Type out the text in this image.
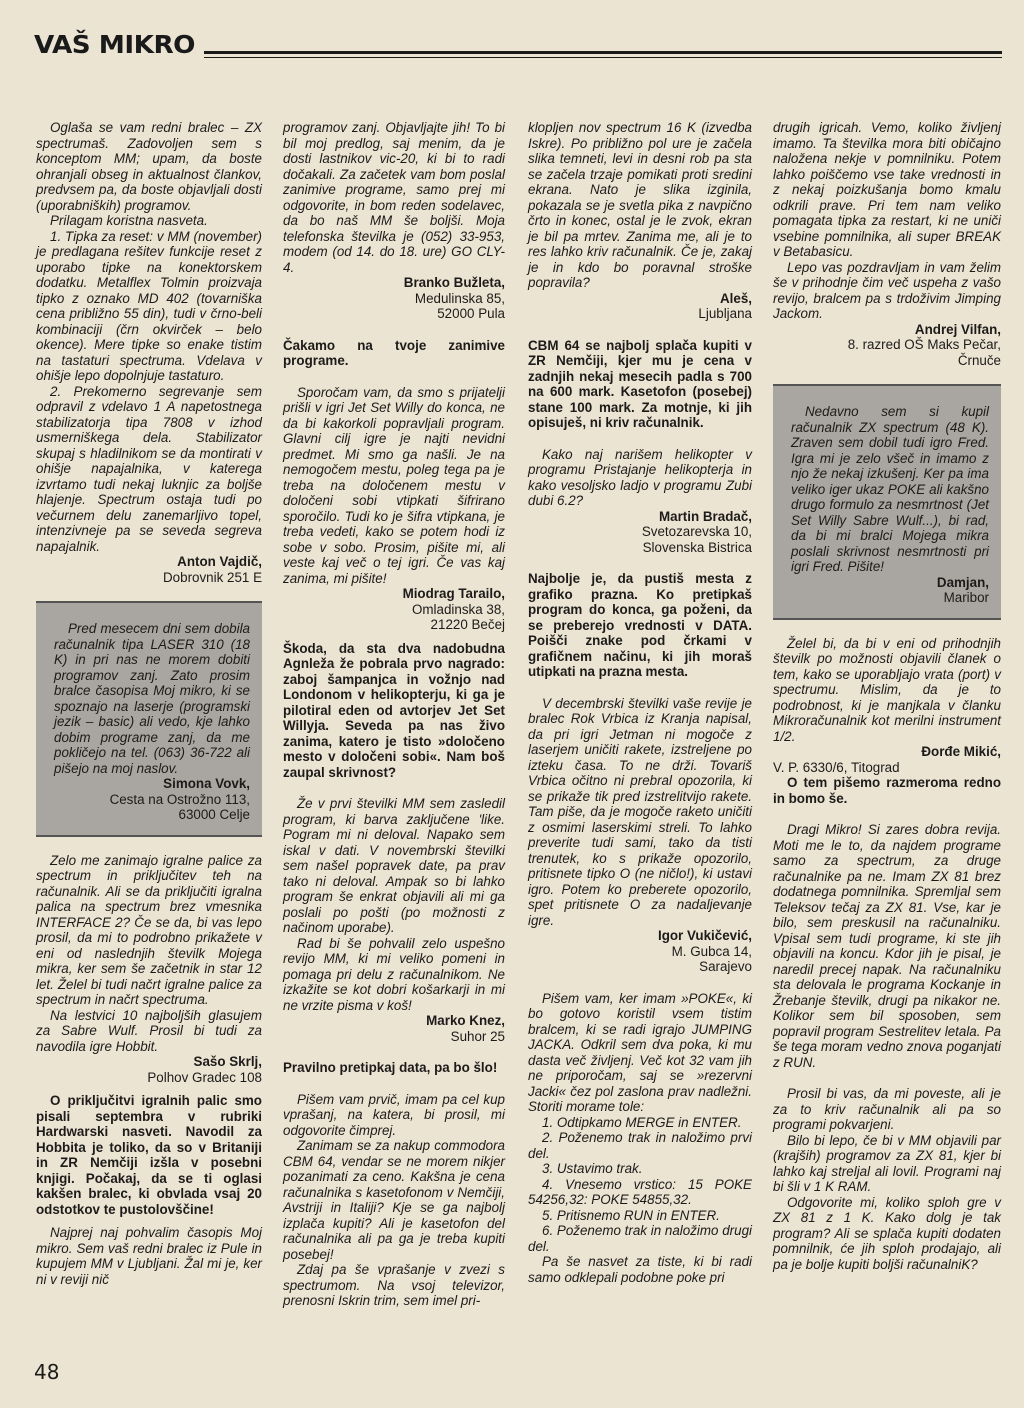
VAŠ MIKRO

Oglaša se vam redni bralec – ZX spectrumaš. Zadovoljen sem s konceptom MM; upam, da boste ohranjali obseg in aktualnost člankov, predvsem pa, da boste objavljali dosti (uporabniških) programov.

Prilagam koristna nasveta.

1. Tipka za reset: v MM (november) je predlagana rešitev funkcije reset z uporabo tipke na konektorskem dodatku. Metalflex Tolmin proizvaja tipko z oznako MD 402 (tovarniška cena približno 55 din), tudi v črno-beli kombinaciji (črn okvirček – belo okence). Mere tipke so enake tistim na tastaturi spectruma. Vdelava v ohišje lepo dopolnjuje tastaturo.

2. Prekomerno segrevanje sem odpravil z vdelavo 1 A napetostnega stabilizatorja tipa 7808 v izhod usmerniškega dela. Stabilizator skupaj s hladilnikom se da montirati v ohišje napajalnika, v katerega izvrtamo tudi nekaj luknjic za boljše hlajenje. Spectrum ostaja tudi po večurnem delu zanemarljivo topel, intenzivneje pa se seveda segreva napajalnik.

Anton Vajdič,
Dobrovnik 251 E

Pred mesecem dni sem dobila računalnik tipa LASER 310 (18 K) in pri nas ne morem dobiti programov zanj. Zato prosim bralce časopisa Moj mikro, ki se spoznajo na laserje (programski jezik – basic) ali vedo, kje lahko dobim programe zanj, da me pokličejo na tel. (063) 36-722 ali pišejo na moj naslov.

Simona Vovk,
Cesta na Ostrožno 113,
63000 Celje

Zelo me zanimajo igralne palice za spectrum in priključitev teh na računalnik. Ali se da priključiti igralna palica na spectrum brez vmesnika INTERFACE 2? Če se da, bi vas lepo prosil, da mi to podrobno prikažete v eni od naslednjih številk Mojega mikra, ker sem še začetnik in star 12 let. Želel bi tudi načrt igralne palice za spectrum in načrt spectruma.

Na lestvici 10 najboljših glasujem za Sabre Wulf. Prosil bi tudi za navodila igre Hobbit.

Sašo Skrlj,
Polhov Gradec 108
O priključitvi igralnih palic smo pisali septembra v rubriki Hardwarski nasveti. Navodil za Hobbita je toliko, da so v Britaniji in ZR Nemčiji izšla v posebni knjigi. Počakaj, da se ti oglasi kakšen bralec, ki obvlada vsaj 20 odstotkov te pustolovščine!

Najprej naj pohvalim časopis Moj mikro. Sem vaš redni bralec iz Pule in kupujem MM v Ljubljani. Žal mi je, ker ni v reviji nič

programov zanj. Objavljajte jih! To bi bil moj predlog, saj menim, da je dosti lastnikov vic-20, ki bi to radi dočakali. Za začetek vam bom poslal zanimive programe, samo prej mi odgovorite, in bom reden sodelavec, da bo naš MM še boljši. Moja telefonska številka je (052) 33-953, modem (od 14. do 18. ure) GO CLY-4.

Branko Bužleta,
Medulinska 85,
52000 Pula
Čakamo na tvoje zanimive programe.

Sporočam vam, da smo s prijatelji prišli v igri Jet Set Willy do konca, ne da bi kakorkoli popravljali program. Glavni cilj igre je najti nevidni predmet. Mi smo ga našli. Je na nemogočem mestu, poleg tega pa je treba na določenem mestu v določeni sobi vtipkati šifrirano sporočilo. Tudi ko je šifra vtipkana, je treba vedeti, kako se potem hodi iz sobe v sobo. Prosim, pišite mi, ali veste kaj več o tej igri. Če vas kaj zanima, mi pišite!

Miodrag Tarailo,
Omladinska 38,
21220 Bečej
Škoda, da sta dva nadobudna Agnleža že pobrala prvo nagrado: zaboj šampanjca in vožnjo nad Londonom v helikopterju, ki ga je pilotiral eden od avtorjev Jet Set Willyja. Seveda pa nas živo zanima, katero je tisto »določeno mesto v določeni sobi«. Nam boš zaupal skrivnost?

Že v prvi številki MM sem zasledil program, ki barva zaključene 'like. Pogram mi ni deloval. Napako sem iskal v dati. V novembrski številki sem našel popravek date, pa prav tako ni deloval. Ampak so bi lahko program še enkrat objavili ali mi ga poslali po pošti (po možnosti z načinom uporabe).

Rad bi še pohvalil zelo uspešno revijo MM, ki mi veliko pomeni in pomaga pri delu z računalnikom. Ne izkažite se kot dobri košarkarji in mi ne vrzite pisma v koš!

Marko Knez,
Suhor 25
Pravilno pretipkaj data, pa bo šlo!

Pišem vam prvič, imam pa cel kup vprašanj, na katera, bi prosil, mi odgovorite čimprej.

Zanimam se za nakup commodora CBM 64, vendar se ne morem nikjer pozanimati za ceno. Kakšna je cena računalnika s kasetofonom v Nemčiji, Avstriji in Italiji? Kje se ga najbolj izplača kupiti? Ali je kasetofon del računalnika ali pa ga je treba kupiti posebej!

Zdaj pa še vprašanje v zvezi s spectrumom. Na vsoj televizor, prenosni Iskrin trim, sem imel pri-

klopljen nov spectrum 16 K (izvedba Iskre). Po približno pol ure je začela slika temneti, levi in desni rob pa sta se začela trzaje pomikati proti sredini ekrana. Nato je slika izginila, pokazala se je svetla pika z navpično črto in konec, ostal je le zvok, ekran je bil pa mrtev. Zanima me, ali je to res lahko kriv računalnik. Če je, zakaj je in kdo bo poravnal stroške popravila?

Aleš,
Ljubljana
CBM 64 se najbolj splača kupiti v ZR Nemčiji, kjer mu je cena v zadnjih nekaj mesecih padla s 700 na 600 mark. Kasetofon (posebej) stane 100 mark. Za motnje, ki jih opisuješ, ni kriv računalnik.

Kako naj narišem helikopter v programu Pristajanje helikopterja in kako vesoljsko ladjo v programu Zubi dubi 6.2?

Martin Bradač,
Svetozarevska 10,
Slovenska Bistrica
Najbolje je, da pustiš mesta z grafiko prazna. Ko pretipkaš program do konca, ga poženi, da se preberejo vrednosti v DATA. Poišči znake pod črkami v grafičnem načinu, ki jih moraš utipkati na prazna mesta.

V decembrski številki vaše revije je bralec Rok Vrbica iz Kranja napisal, da pri igri Jetman ni mogoče z laserjem uničiti rakete, izstreljene po izteku časa. To ne drži. Tovariš Vrbica očitno ni prebral opozorila, ki se prikaže tik pred izstrelitvijo rakete. Tam piše, da je mogoče raketo uničiti z osmimi laserskimi streli. To lahko preverite tudi sami, tako da tisti trenutek, ko s prikaže opozorilo, pritisnete tipko O (ne ničlo!), ki ustavi igro. Potem ko preberete opozorilo, spet pritisnete O za nadaljevanje igre.

Igor Vukičević,
M. Gubca 14,
Sarajevo

Pišem vam, ker imam »POKE«, ki bo gotovo koristil vsem tistim bralcem, ki se radi igrajo JUMPING JACKA. Odkril sem dva poka, ki mu dasta več življenj. Več kot 32 vam jih ne priporočam, saj se »rezervni Jacki« čez pol zaslona prav nadležni. Storiti morame tole:

1. Odtipkamo MERGE in ENTER.

2. Poženemo trak in naložimo prvi del.

3. Ustavimo trak.

4. Vnesemo vrstico: 15 POKE 54256,32: POKE 54855,32.

5. Pritisnemo RUN in ENTER.

6. Poženemo trak in naložimo drugi del.

Pa še nasvet za tiste, ki bi radi samo odklepali podobne poke pri

drugih igricah. Vemo, koliko življenj imamo. Ta številka mora biti običajno naložena nekje v pomnilniku. Potem lahko poiščemo vse take vrednosti in z nekaj poizkušanja bomo kmalu odkrili prave. Pri tem nam veliko pomagata tipka za restart, ki ne uniči vsebine pomnilnika, ali super BREAK v Betabasicu.

Lepo vas pozdravljam in vam želim še v prihodnje čim več uspeha z vašo revijo, bralcem pa s trdoživim Jimping Jackom.

Andrej Vilfan,
8. razred OŠ Maks Pečar,
Črnuče

Nedavno sem si kupil računalnik ZX spectrum (48 K). Zraven sem dobil tudi igro Fred. Igra mi je zelo všeč in imamo z njo že nekaj izkušenj. Ker pa ima veliko iger ukaz POKE ali kakšno drugo formulo za nesmrtnost (Jet Set Willy Sabre Wulf...), bi rad, da bi mi bralci Mojega mikra poslali skrivnost nesmrtnosti pri igri Fred. Pišite!

Damjan,
Maribor

Želel bi, da bi v eni od prihodnjih številk po možnosti objavili članek o tem, kako se uporabljajo vrata (port) v spectrumu. Mislim, da je to podrobnost, ki je manjkala v članku Mikroračunalnik kot merilni instrument 1/2.

Đorđe Mikić,
V. P. 6330/6, Titograd
O tem pišemo razmeroma redno in bomo še.

Dragi Mikro! Si zares dobra revija. Moti me le to, da najdem programe samo za spectrum, za druge računalnike pa ne. Imam ZX 81 brez dodatnega pomnilnika. Spremljal sem Teleksov tečaj za ZX 81. Vse, kar je bilo, sem preskusil na računalniku. Vpisal sem tudi programe, ki ste jih objavili na koncu. Kdor jih je pisal, je naredil precej napak. Na računalniku sta delovala le programa Kockanje in Žrebanje številk, drugi pa nikakor ne. Kolikor sem bil sposoben, sem popravil program Sestrelitev letala. Pa še tega moram vedno znova poganjati z RUN.

Prosil bi vas, da mi poveste, ali je za to kriv računalnik ali pa so programi pokvarjeni.

Bilo bi lepo, če bi v MM objavili par (krajših) programov za ZX 81, kjer bi lahko kaj streljal ali lovil. Programi naj bi šli v 1 K RAM.

Odgovorite mi, koliko sploh gre v ZX 81 z 1 K. Kako dolg je tak program? Ali se splača kupiti dodaten pomnilnik, će jih sploh prodajajo, ali pa je bolje kupiti boljši računalniK?

48
